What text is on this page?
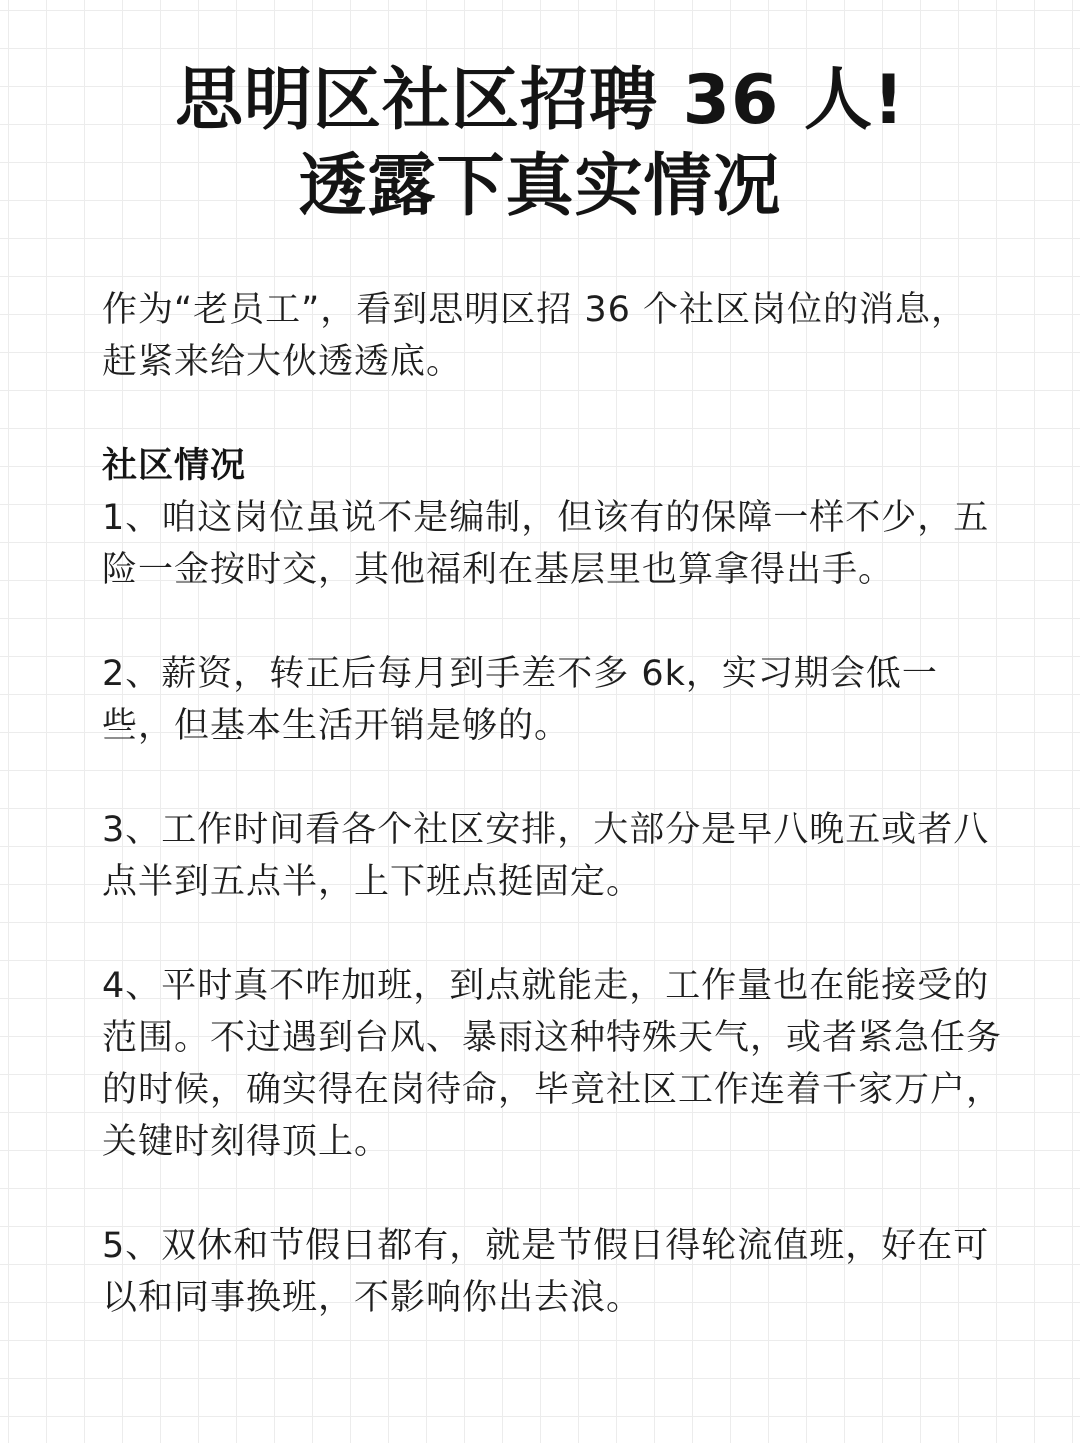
思明区社区招聘 36 人!
透露下真实情况

作为“老员工”，看到思明区招 36 个社区岗位的消息，赶紧来给大伙透透底。

社区情况

1、咱这岗位虽说不是编制，但该有的保障一样不少，五险一金按时交，其他福利在基层里也算拿得出手。

2、薪资，转正后每月到手差不多 6k，实习期会低一些，但基本生活开销是够的。

3、工作时间看各个社区安排，大部分是早八晚五或者八点半到五点半，上下班点挺固定。

4、平时真不咋加班，到点就能走，工作量也在能接受的范围。不过遇到台风、暴雨这种特殊天气，或者紧急任务的时候，确实得在岗待命，毕竟社区工作连着千家万户，关键时刻得顶上。

5、双休和节假日都有，就是节假日得轮流值班，好在可以和同事换班，不影响你出去浪。
